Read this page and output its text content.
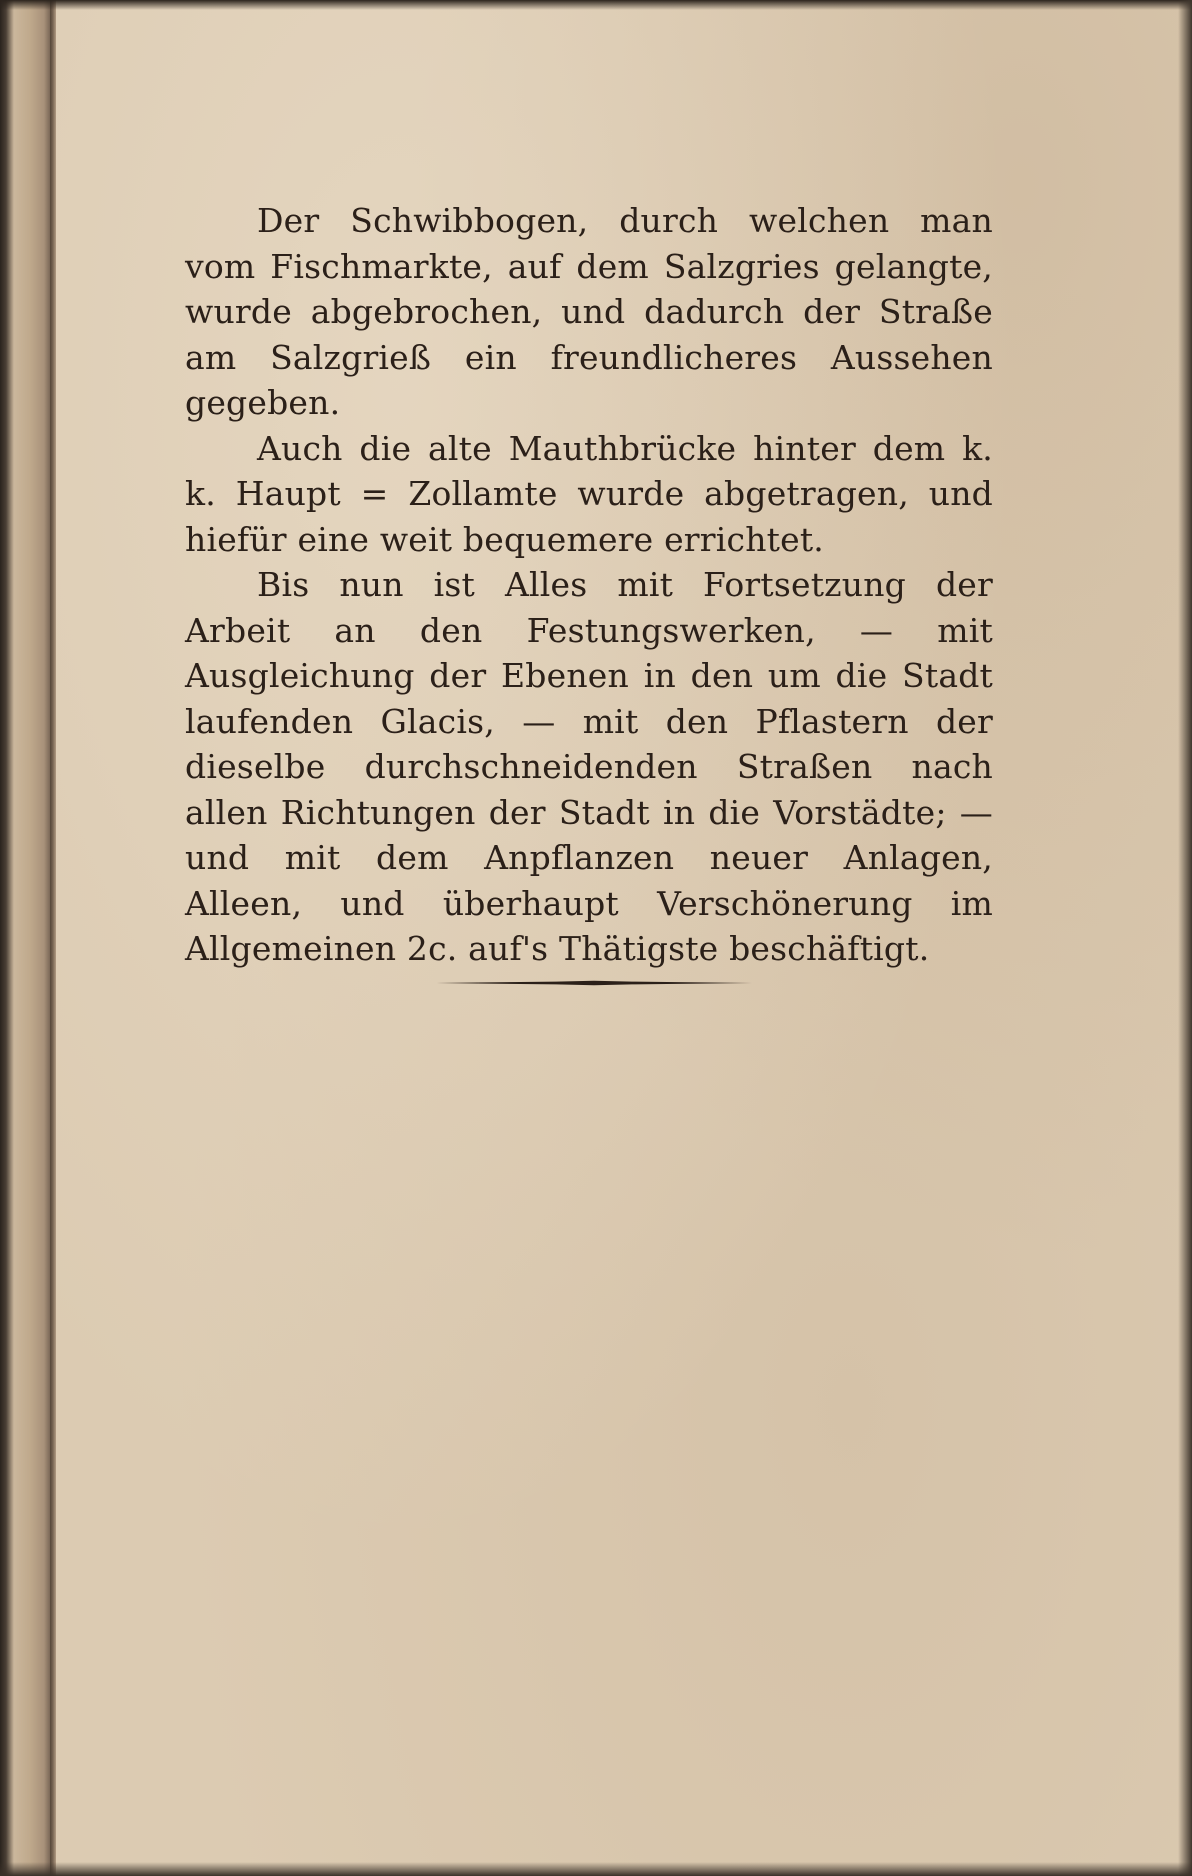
Der Schwibbogen, durch welchen man vom Fischmarkte, auf dem Salzgries gelangte, wurde abgebrochen, und dadurch der Straße am Salzgrieß ein freundlicheres Aussehen gegeben.

Auch die alte Mauthbrücke hinter dem k. k. Haupt = Zollamte wurde abgetragen, und hiefür eine weit bequemere errichtet.

Bis nun ist Alles mit Fortsetzung der Arbeit an den Festungswerken, — mit Ausgleichung der Ebenen in den um die Stadt laufenden Glacis, — mit den Pflastern der dieselbe durchschneidenden Straßen nach allen Richtungen der Stadt in die Vorstädte; — und mit dem Anpflanzen neuer Anlagen, Alleen, und überhaupt Verschönerung im Allgemeinen 2c. auf's Thätigste beschäftigt.
